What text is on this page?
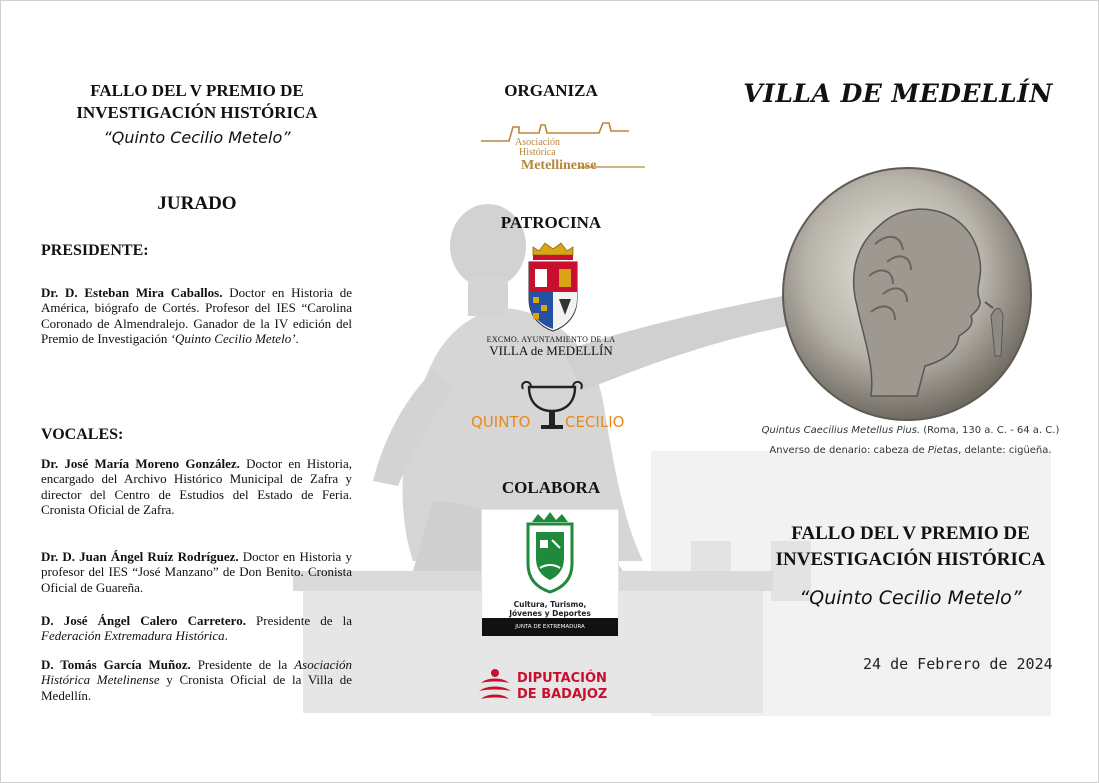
FALLO DEL V PREMIO DE
INVESTIGACIÓN HISTÓRICA
“Quinto Cecilio Metelo”
JURADO
PRESIDENTE:
Dr. D. Esteban Mira Caballos. Doctor en Historia de América, biógrafo de Cortés. Profesor del IES “Carolina Coronado de Almendralejo. Ganador de la IV edición del Premio de Investigación ‘Quinto Cecilio Metelo’.
VOCALES:
Dr. José María Moreno González. Doctor en Historia, encargado del Archivo Histórico Municipal de Zafra y director del Centro de Estudios del Estado de Feria. Cronista Oficial de Zafra.
Dr. D. Juan Ángel Ruíz Rodríguez. Doctor en Historia y profesor del IES “José Manzano” de Don Benito. Cronista Oficial de Guareña.
D. José Ángel Calero Carretero. Presidente de la Federación Extremadura Histórica.
D. Tomás García Muñoz. Presidente de la Asociación Histórica Metelinense y Cronista Oficial de la Villa de Medellín.
ORGANIZA
Asociación
Histórica
Metellinense
PATROCINA
EXCMO. AYUNTAMIENTO DE LA
VILLA de MEDELLÍN
QUINTO CECILIO
COLABORA
Cultura, Turismo,
Jóvenes y Deportes
JUNTA DE EXTREMADURA
DIPUTACIÓN
DE BADAJOZ
VILLA DE MEDELLÍN
Quintus Caecilius Metellus Pius. (Roma, 130 a. C. - 64 a. C.)
Anverso de denario: cabeza de Pietas, delante: cigüeña.
FALLO DEL V PREMIO DE
INVESTIGACIÓN HISTÓRICA
“Quinto Cecilio Metelo”
24 de Febrero de 2024
